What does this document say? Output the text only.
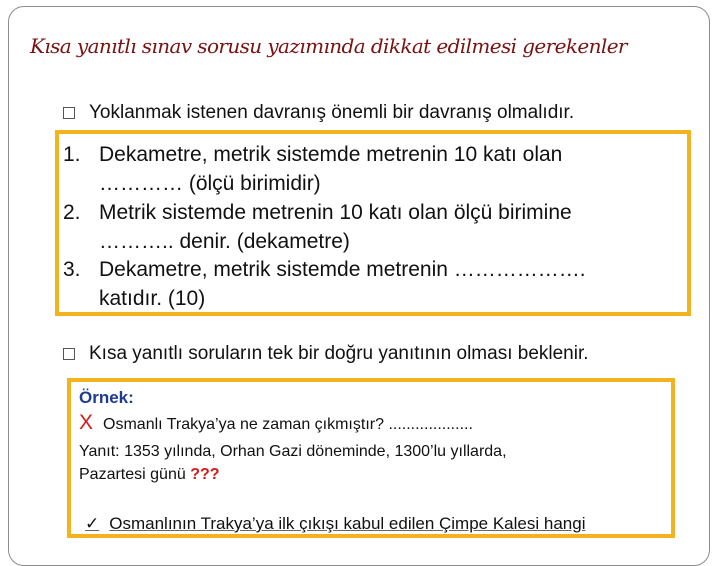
Kısa yanıtlı sınav sorusu yazımında dikkat edilmesi gerekenler
Yoklanmak istenen davranış önemli bir davranış olmalıdır.
1. Dekametre, metrik sistemde metrenin 10 katı olan
………… (ölçü birimidir)
2. Metrik sistemde metrenin 10 katı olan ölçü birimine
……….. denir. (dekametre)
3. Dekametre, metrik sistemde metrenin ……………….
katıdır. (10)
Kısa yanıtlı soruların tek bir doğru yanıtının olması beklenir.
Örnek:
X Osmanlı Trakya’ya ne zaman çıkmıştır? ...................
Yanıt: 1353 yılında, Orhan Gazi döneminde, 1300’lu yıllarda,
Pazartesi günü ???
✓ Osmanlının Trakya’ya ilk çıkışı kabul edilen Çimpe Kalesi hangi
